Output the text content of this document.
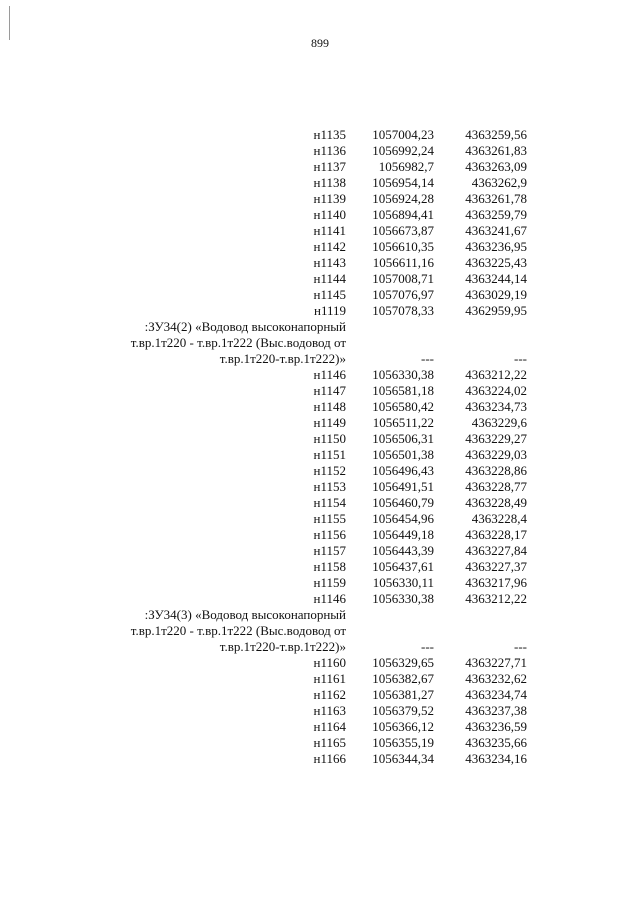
899
н1135 1057004,23 4363259,56
н1136 1056992,24 4363261,83
н1137	1056982,7 4363263,09
н1138 1056954,14	4363262,9
н1139 1056924,28 4363261,78
н1140 1056894,41 4363259,79
н1141 1056673,87 4363241,67
н1142 1056610,35 4363236,95
н1143 1056611,16 4363225,43
н1144 1057008,71 4363244,14
н1145 1057076,97 4363029,19
н1119 1057078,33 4362959,95
:ЗУ34(2) «Водовод высоконапорный
т.вр.1т220 - т.вр.1т222 (Выс.водовод от
т.вр.1т220-т.вр.1т222)»	---	---
н1146 1056330,38 4363212,22
н1147 1056581,18 4363224,02
н1148 1056580,42 4363234,73
н1149 1056511,22	4363229,6
н1150 1056506,31 4363229,27
н1151 1056501,38 4363229,03
н1152 1056496,43 4363228,86
н1153 1056491,51 4363228,77
н1154 1056460,79 4363228,49
н1155 1056454,96	4363228,4
н1156 1056449,18 4363228,17
н1157 1056443,39 4363227,84
н1158 1056437,61 4363227,37
н1159 1056330,11 4363217,96
н1146 1056330,38 4363212,22
:ЗУ34(3) «Водовод высоконапорный
т.вр.1т220 - т.вр.1т222 (Выс.водовод от
т.вр.1т220-т.вр.1т222)»	---	---
н1160 1056329,65 4363227,71
н1161 1056382,67 4363232,62
н1162 1056381,27 4363234,74
н1163 1056379,52 4363237,38
н1164 1056366,12 4363236,59
н1165 1056355,19 4363235,66
н1166 1056344,34 4363234,16
